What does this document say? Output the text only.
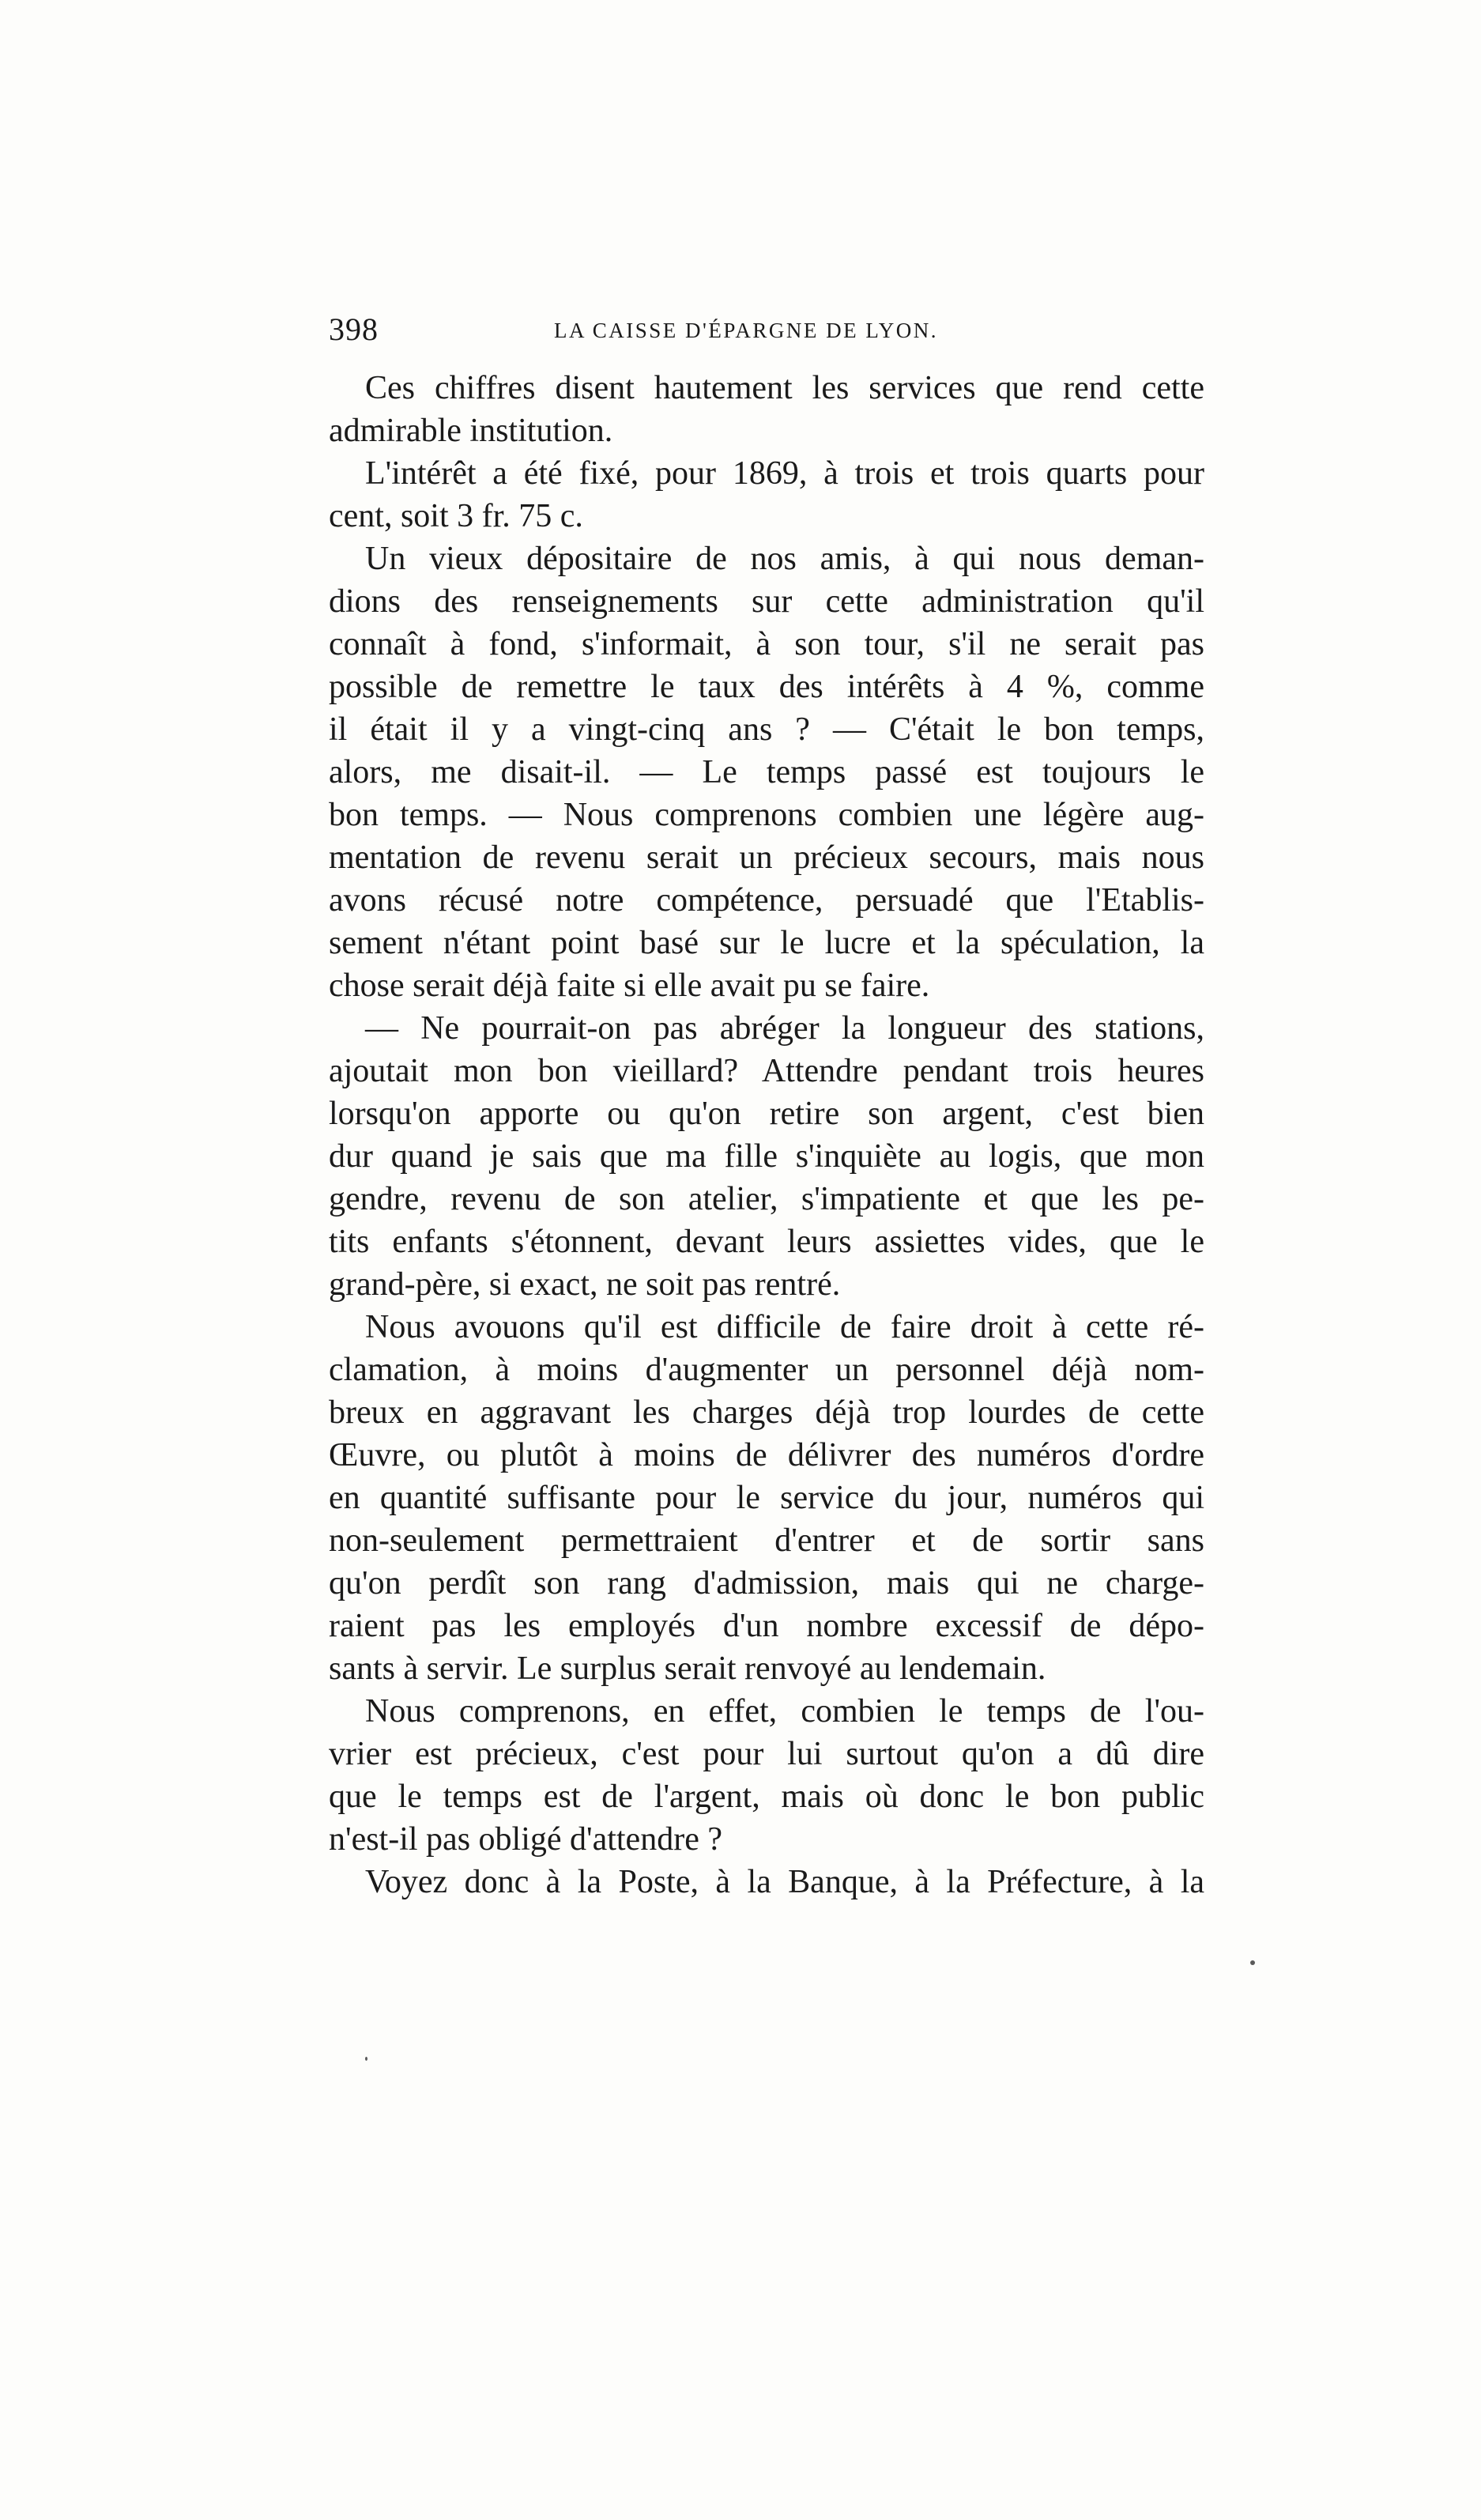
398	LA CAISSE D'ÉPARGNE DE LYON.
Ces chiffres disent hautement les services que rend cette
admirable institution.
L'intérêt a été fixé, pour 1869, à trois et trois quarts pour
cent, soit 3 fr. 75 c.
Un vieux dépositaire de nos amis, à qui nous deman-
dions des renseignements sur cette administration qu'il
connaît à fond, s'informait, à son tour, s'il ne serait pas
possible de remettre le taux des intérêts à 4 %, comme
il était il y a vingt-cinq ans ? — C'était le bon temps,
alors, me disait-il. — Le temps passé est toujours le
bon temps. — Nous comprenons combien une légère aug-
mentation de revenu serait un précieux secours, mais nous
avons récusé notre compétence, persuadé que l'Etablis-
sement n'étant point basé sur le lucre et la spéculation, la
chose serait déjà faite si elle avait pu se faire.
— Ne pourrait-on pas abréger la longueur des stations,
ajoutait mon bon vieillard? Attendre pendant trois heures
lorsqu'on apporte ou qu'on retire son argent, c'est bien
dur quand je sais que ma fille s'inquiète au logis, que mon
gendre, revenu de son atelier, s'impatiente et que les pe-
tits enfants s'étonnent, devant leurs assiettes vides, que le
grand-père, si exact, ne soit pas rentré.
Nous avouons qu'il est difficile de faire droit à cette ré-
clamation, à moins d'augmenter un personnel déjà nom-
breux en aggravant les charges déjà trop lourdes de cette
Œuvre, ou plutôt à moins de délivrer des numéros d'ordre
en quantité suffisante pour le service du jour, numéros qui
non-seulement permettraient d'entrer et de sortir sans
qu'on perdît son rang d'admission, mais qui ne charge-
raient pas les employés d'un nombre excessif de dépo-
sants à servir. Le surplus serait renvoyé au lendemain.
Nous comprenons, en effet, combien le temps de l'ou-
vrier est précieux, c'est pour lui surtout qu'on a dû dire
que le temps est de l'argent, mais où donc le bon public
n'est-il pas obligé d'attendre ?
Voyez donc à la Poste, à la Banque, à la Préfecture, à la
